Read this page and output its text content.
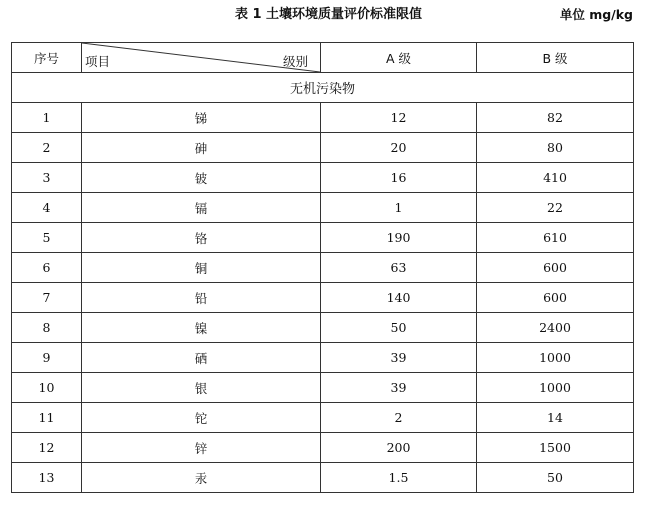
表 1 土壤环境质量评价标准限值	单位 mg/kg
序号	项目 级别	A 级	B 级
无机污染物			
1	锑	12	82
2	砷	20	80
3	铍	16	410
4	镉	1	22
5	铬	190	610
6	铜	63	600
7	铅	140	600
8	镍	50	2400
9	硒	39	1000
10	银	39	1000
11	铊	2	14
12	锌	200	1500
13	汞	1.5	50
